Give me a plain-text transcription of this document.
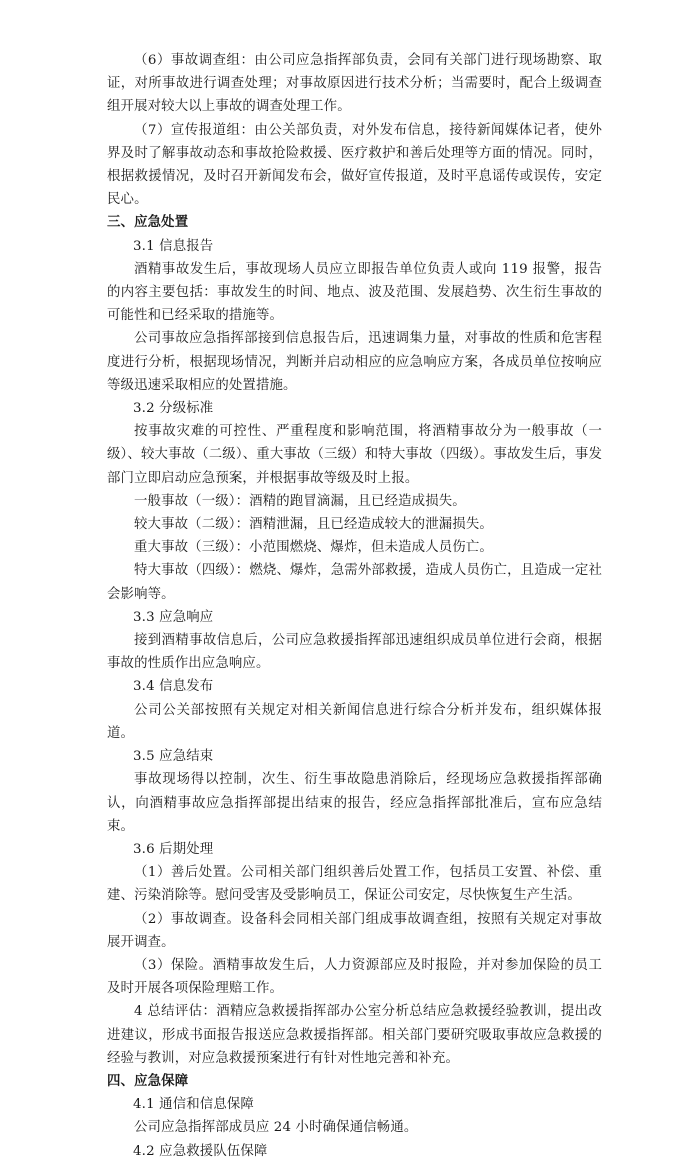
（6）事故调查组：由公司应急指挥部负责，会同有关部门进行现场勘察、取证，对所事故进行调查处理；对事故原因进行技术分析；当需要时，配合上级调查组开展对较大以上事故的调查处理工作。

（7）宣传报道组：由公关部负责，对外发布信息，接待新闻媒体记者，使外界及时了解事故动态和事故抢险救援、医疗救护和善后处理等方面的情况。同时，根据救援情况，及时召开新闻发布会，做好宣传报道，及时平息谣传或误传，安定民心。

三、应急处置

3.1 信息报告

酒精事故发生后，事故现场人员应立即报告单位负责人或向 119 报警，报告的内容主要包括：事故发生的时间、地点、波及范围、发展趋势、次生衍生事故的可能性和已经采取的措施等。

公司事故应急指挥部接到信息报告后，迅速调集力量，对事故的性质和危害程度进行分析，根据现场情况，判断并启动相应的应急响应方案，各成员单位按响应等级迅速采取相应的处置措施。

3.2 分级标准

按事故灾难的可控性、严重程度和影响范围，将酒精事故分为一般事故（一级）、较大事故（二级）、重大事故（三级）和特大事故（四级）。事故发生后，事发部门立即启动应急预案，并根据事故等级及时上报。

一般事故（一级）：酒精的跑冒滴漏，且已经造成损失。

较大事故（二级）：酒精泄漏，且已经造成较大的泄漏损失。

重大事故（三级）：小范围燃烧、爆炸，但未造成人员伤亡。

特大事故（四级）：燃烧、爆炸，急需外部救援，造成人员伤亡，且造成一定社会影响等。

3.3 应急响应

接到酒精事故信息后，公司应急救援指挥部迅速组织成员单位进行会商，根据事故的性质作出应急响应。

3.4 信息发布

公司公关部按照有关规定对相关新闻信息进行综合分析并发布，组织媒体报道。

3.5 应急结束

事故现场得以控制，次生、衍生事故隐患消除后，经现场应急救援指挥部确认，向酒精事故应急指挥部提出结束的报告，经应急指挥部批准后，宣布应急结束。

3.6 后期处理

（1）善后处置。公司相关部门组织善后处置工作，包括员工安置、补偿、重建、污染消除等。慰问受害及受影响员工，保证公司安定，尽快恢复生产生活。

（2）事故调查。设备科会同相关部门组成事故调查组，按照有关规定对事故展开调查。

（3）保险。酒精事故发生后，人力资源部应及时报险，并对参加保险的员工及时开展各项保险理赔工作。

4 总结评估：酒精应急救援指挥部办公室分析总结应急救援经验教训，提出改进建议，形成书面报告报送应急救援指挥部。相关部门要研究吸取事故应急救援的经验与教训，对应急救援预案进行有针对性地完善和补充。

四、应急保障

4.1 通信和信息保障

公司应急指挥部成员应 24 小时确保通信畅通。

4.2 应急救援队伍保障
